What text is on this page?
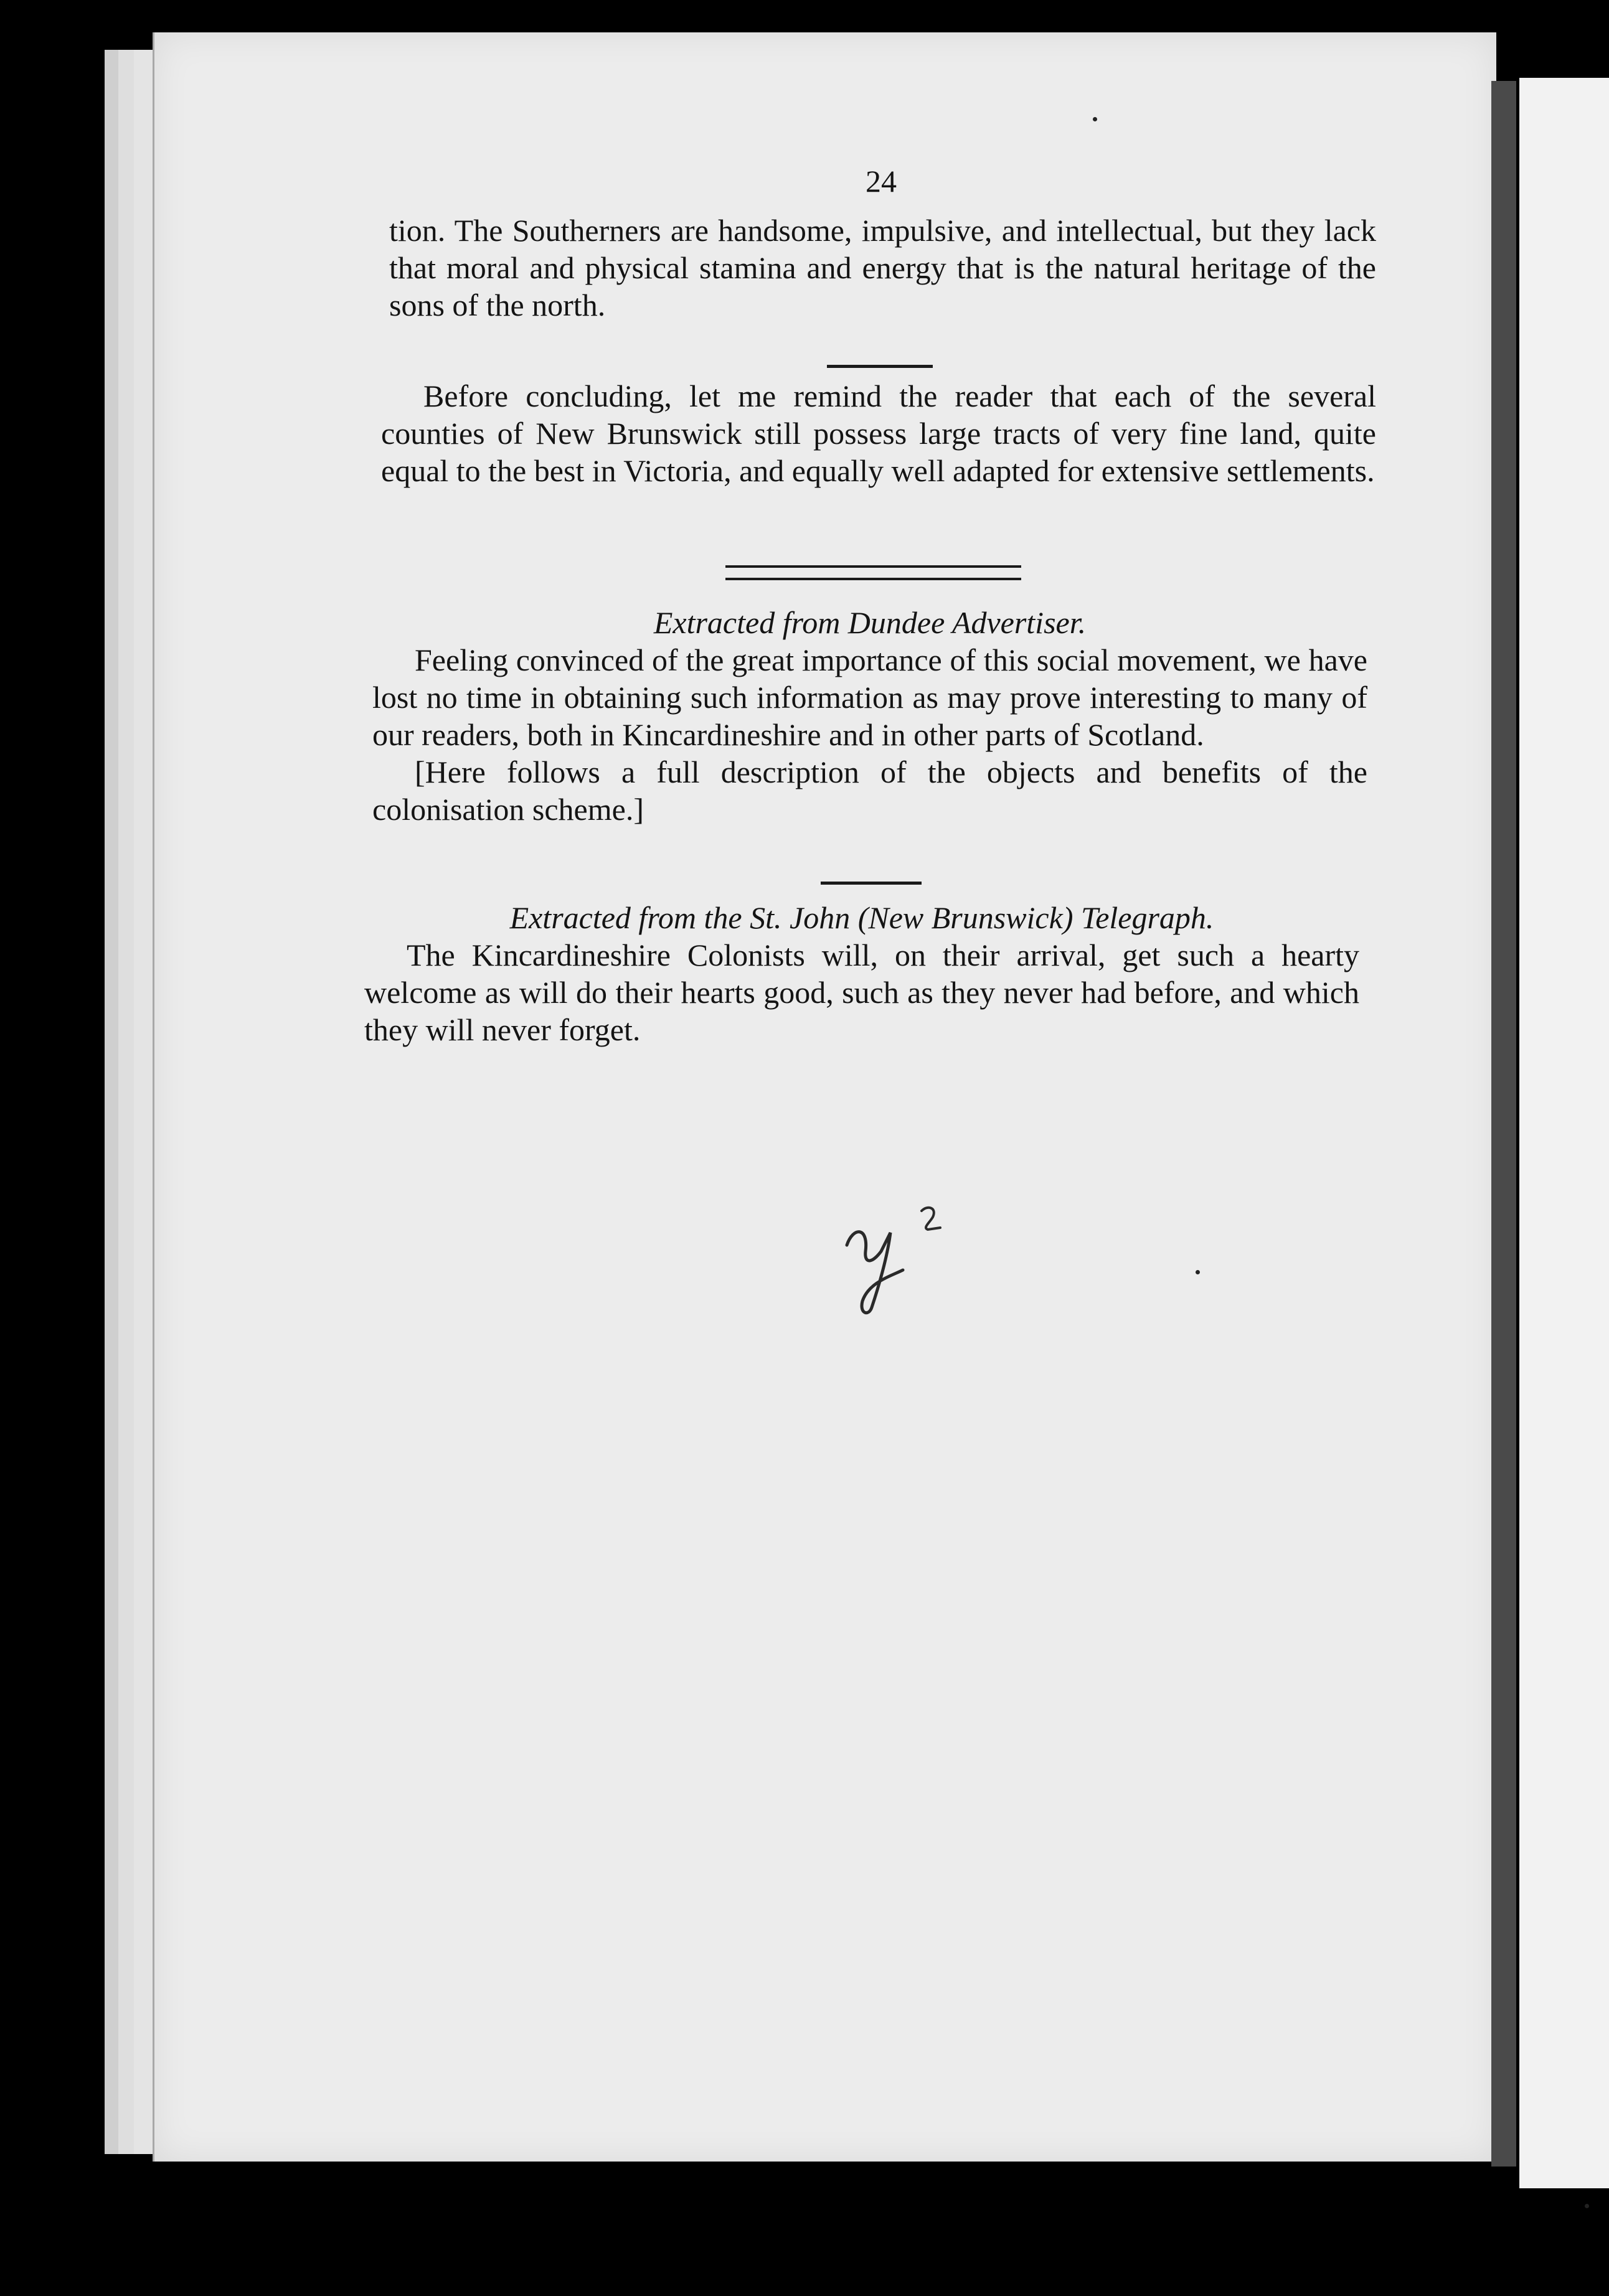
24

tion. The Southerners are handsome, impulsive, and intellectual, but they lack that moral and physical stamina and energy that is the natural heritage of the sons of the north.

Before concluding, let me remind the reader that each of the several counties of New Brunswick still possess large tracts of very fine land, quite equal to the best in Victoria, and equally well adapted for extensive settlements.

Extracted from Dundee Advertiser.

Feeling convinced of the great importance of this social movement, we have lost no time in obtaining such information as may prove interesting to many of our readers, both in Kincardineshire and in other parts of Scotland.

[Here follows a full description of the objects and benefits of the colonisation scheme.]

Extracted from the St. John (New Brunswick) Telegraph.

The Kincardineshire Colonists will, on their arrival, get such a hearty welcome as will do their hearts good, such as they never had before, and which they will never forget.
